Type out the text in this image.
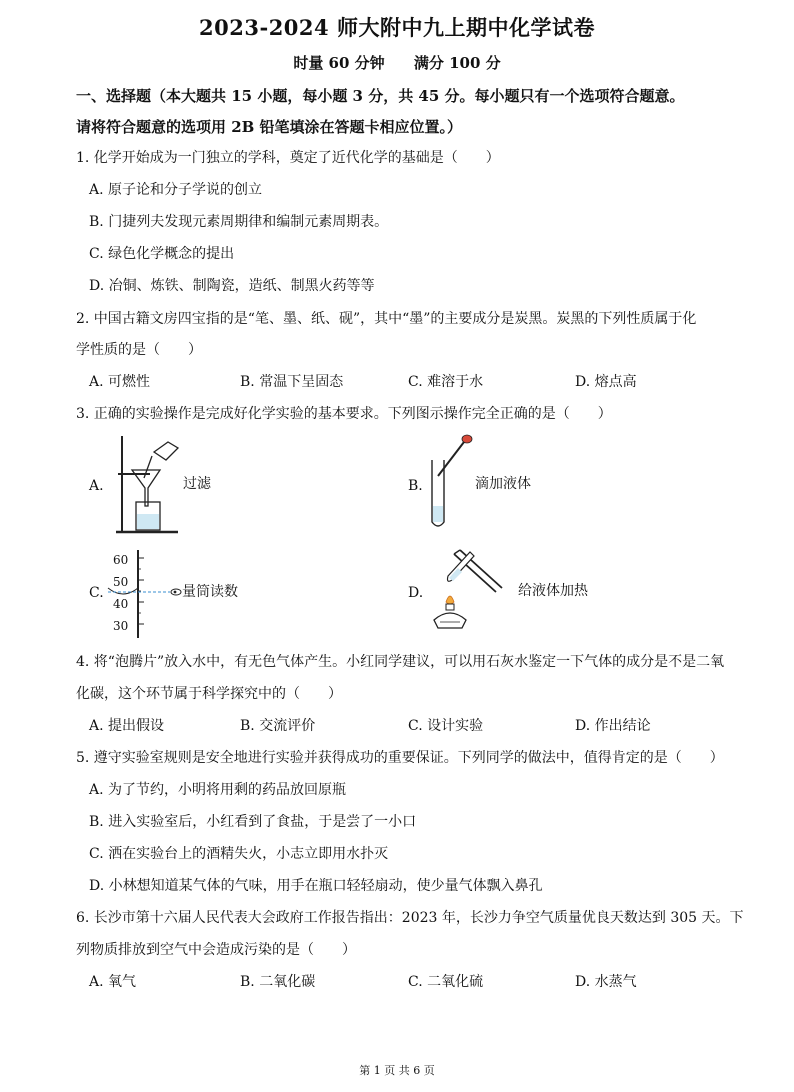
2023-2024 师大附中九上期中化学试卷
时量 60 分钟 满分 100 分
一、选择题（本大题共 15 小题，每小题 3 分，共 45 分。每小题只有一个选项符合题意。
请将符合题意的选项用 2B 铅笔填涂在答题卡相应位置。）
1. 化学开始成为一门独立的学科，奠定了近代化学的基础是（　　）
A. 原子论和分子学说的创立
B. 门捷列夫发现元素周期律和编制元素周期表。
C. 绿色化学概念的提出
D. 冶铜、炼铁、制陶瓷，造纸、制黑火药等等
2. 中国古籍文房四宝指的是“笔、墨、纸、砚”，其中“墨”的主要成分是炭黑。炭黑的下列性质属于化
学性质的是（　　）
A. 可燃性	B. 常温下呈固态	C. 难溶于水	D. 熔点高
3. 正确的实验操作是完成好化学实验的基本要求。下列图示操作完全正确的是（　　）
A.	过滤	B.	滴加液体
C.
60
50
40
30
量筒读数	D.	给液体加热
4. 将“泡腾片”放入水中，有无色气体产生。小红同学建议，可以用石灰水鉴定一下气体的成分是不是二氧
化碳，这个环节属于科学探究中的（　　）
A. 提出假设	B. 交流评价	C. 设计实验	D. 作出结论
5. 遵守实验室规则是安全地进行实验并获得成功的重要保证。下列同学的做法中，值得肯定的是（　　）
A. 为了节约，小明将用剩的药品放回原瓶
B. 进入实验室后，小红看到了食盐，于是尝了一小口
C. 洒在实验台上的酒精失火，小志立即用水扑灭
D. 小林想知道某气体的气味，用手在瓶口轻轻扇动，使少量气体飘入鼻孔
6. 长沙市第十六届人民代表大会政府工作报告指出：2023 年，长沙力争空气质量优良天数达到 305 天。下
列物质排放到空气中会造成污染的是（　　）
A. 氧气	B. 二氧化碳	C. 二氧化硫	D. 水蒸气
第 1 页 共 6 页
